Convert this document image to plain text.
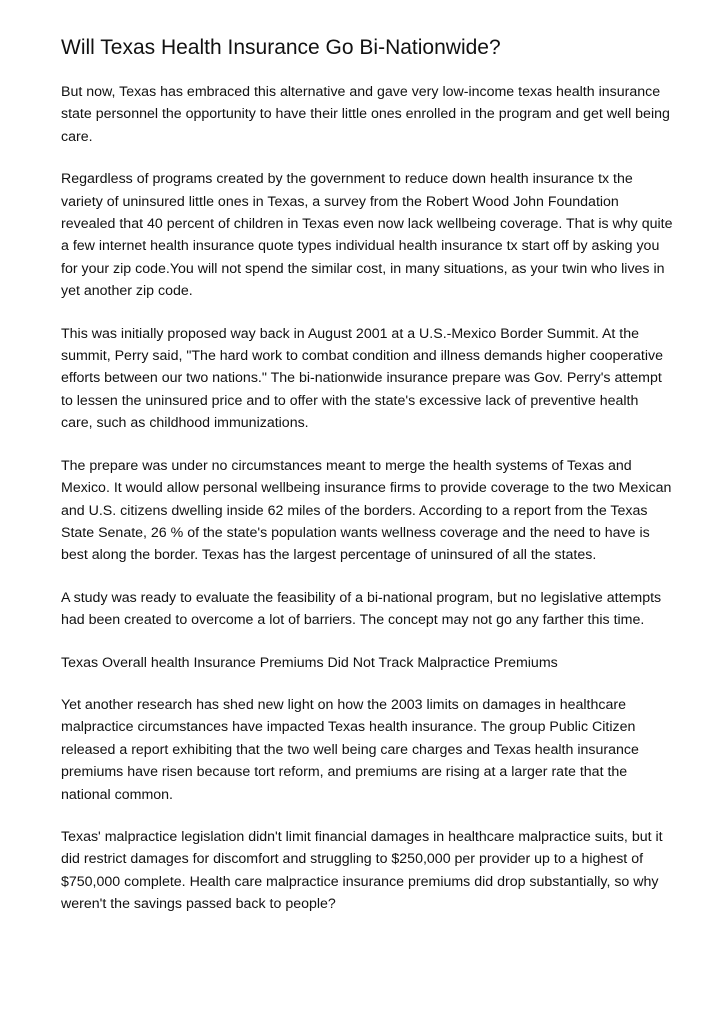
Will Texas Health Insurance Go Bi-Nationwide?

But now, Texas has embraced this alternative and gave very low-income texas health insurance state personnel the opportunity to have their little ones enrolled in the program and get well being care.

Regardless of programs created by the government to reduce down health insurance tx the variety of uninsured little ones in Texas, a survey from the Robert Wood John Foundation revealed that 40 percent of children in Texas even now lack wellbeing coverage. That is why quite a few internet health insurance quote types individual health insurance tx start off by asking you for your zip code.You will not spend the similar cost, in many situations, as your twin who lives in yet another zip code.

This was initially proposed way back in August 2001 at a U.S.-Mexico Border Summit. At the summit, Perry said, "The hard work to combat condition and illness demands higher cooperative efforts between our two nations." The bi-nationwide insurance prepare was Gov. Perry's attempt to lessen the uninsured price and to offer with the state's excessive lack of preventive health care, such as childhood immunizations.

The prepare was under no circumstances meant to merge the health systems of Texas and Mexico. It would allow personal wellbeing insurance firms to provide coverage to the two Mexican and U.S. citizens dwelling inside 62 miles of the borders. According to a report from the Texas State Senate, 26 % of the state's population wants wellness coverage and the need to have is best along the border. Texas has the largest percentage of uninsured of all the states.

A study was ready to evaluate the feasibility of a bi-national program, but no legislative attempts had been created to overcome a lot of barriers. The concept may not go any farther this time.

Texas Overall health Insurance Premiums Did Not Track Malpractice Premiums

Yet another research has shed new light on how the 2003 limits on damages in healthcare malpractice circumstances have impacted Texas health insurance. The group Public Citizen released a report exhibiting that the two well being care charges and Texas health insurance premiums have risen because tort reform, and premiums are rising at a larger rate that the national common.

Texas' malpractice legislation didn't limit financial damages in healthcare malpractice suits, but it did restrict damages for discomfort and struggling to $250,000 per provider up to a highest of $750,000 complete. Health care malpractice insurance premiums did drop substantially, so why weren't the savings passed back to people?
